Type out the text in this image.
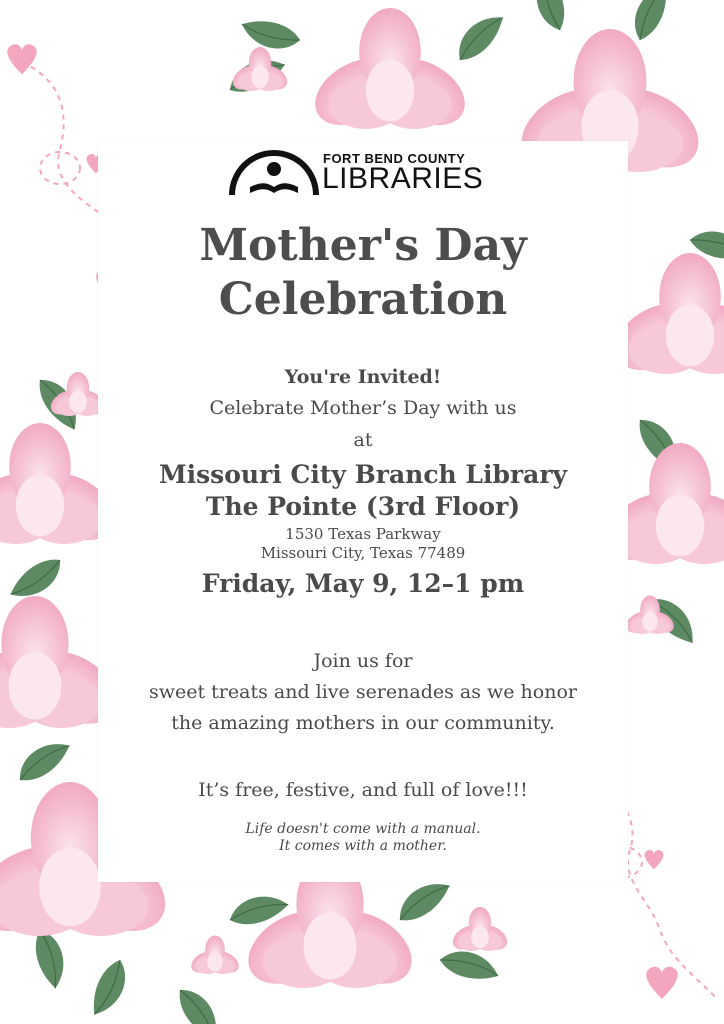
FORT BEND COUNTY
LIBRARIES
Mother's Day
Celebration
You're Invited!
Celebrate Mother’s Day with us
at
Missouri City Branch Library
The Pointe (3rd Floor)
1530 Texas Parkway
Missouri City, Texas 77489
Friday, May 9, 12–1 pm
Join us for
sweet treats and live serenades as we honor
the amazing mothers in our community.
It’s free, festive, and full of love!!!
Life doesn't come with a manual.
It comes with a mother.
